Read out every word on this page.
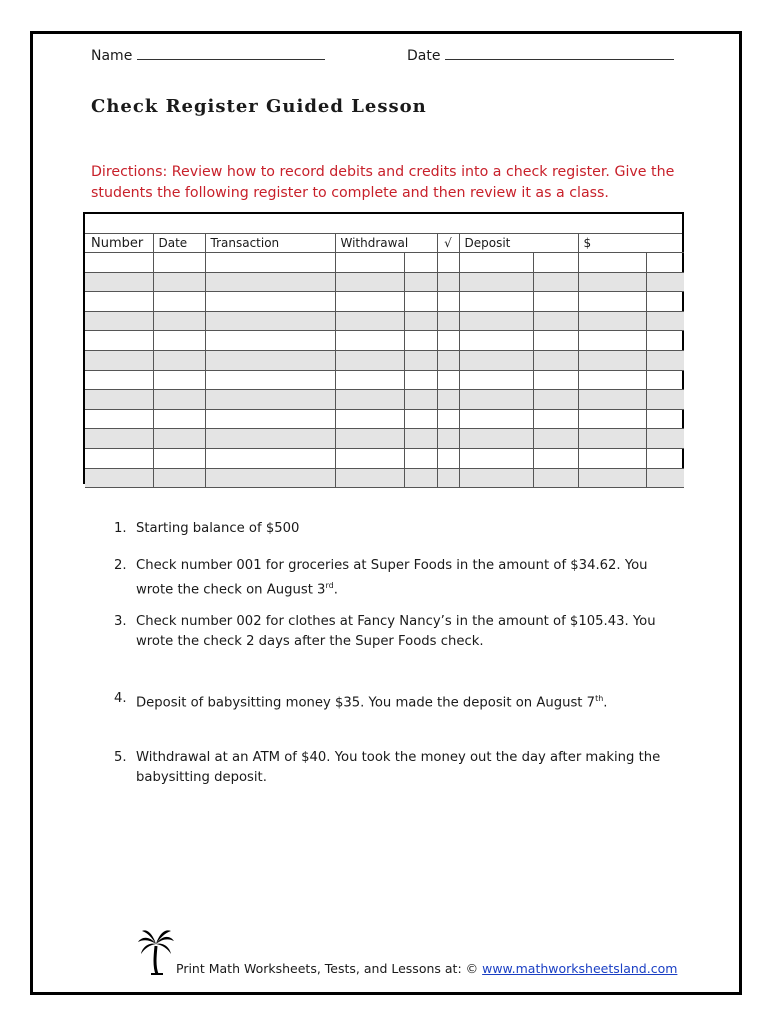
Name	Date
Check Register Guided Lesson
Directions: Review how to record debits and credits into a check register. Give the students the following register to complete and then review it as a class.
Number	Date	Transaction	Withdrawal		√	Deposit		$	

1. Starting balance of $500
2. Check number 001 for groceries at Super Foods in the amount of $34.62. You wrote the check on August 3rd.
3. Check number 002 for clothes at Fancy Nancy’s in the amount of $105.43. You wrote the check 2 days after the Super Foods check.
4. Deposit of babysitting money $35. You made the deposit on August 7th.
5. Withdrawal at an ATM of $40. You took the money out the day after making the babysitting deposit.
Print Math Worksheets, Tests, and Lessons at: © www.mathworksheetsland.com
